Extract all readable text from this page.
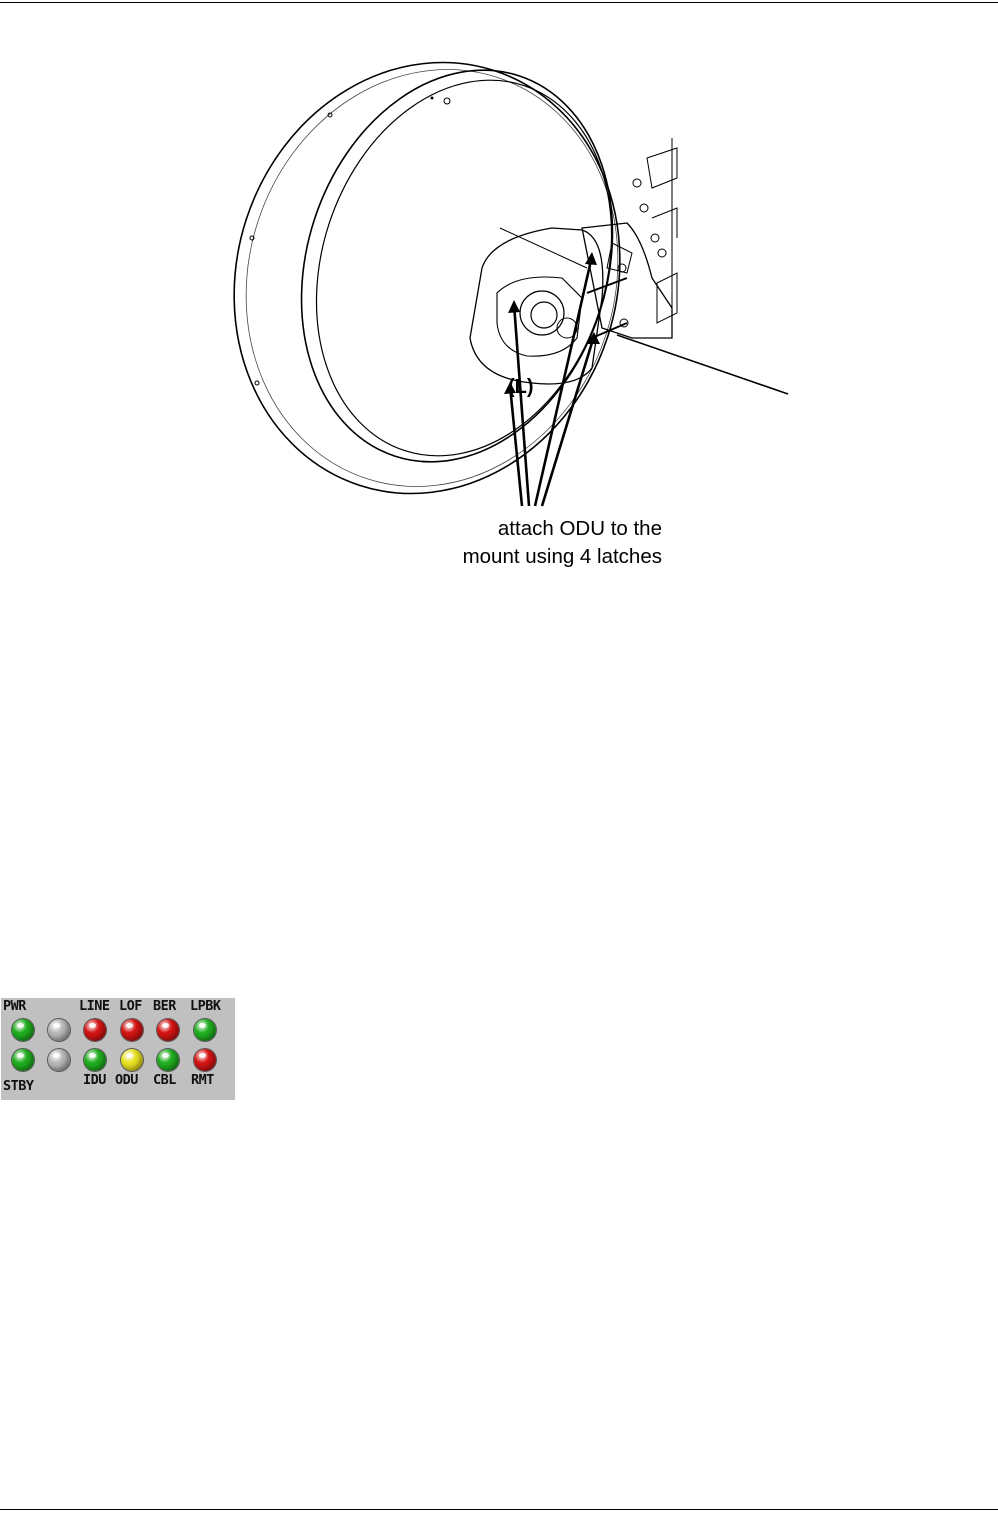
(L)
attach ODU to the
mount using 4 latches
PWR	LINE LOF BER LPBK
STBY	IDU ODU CBL RMT
